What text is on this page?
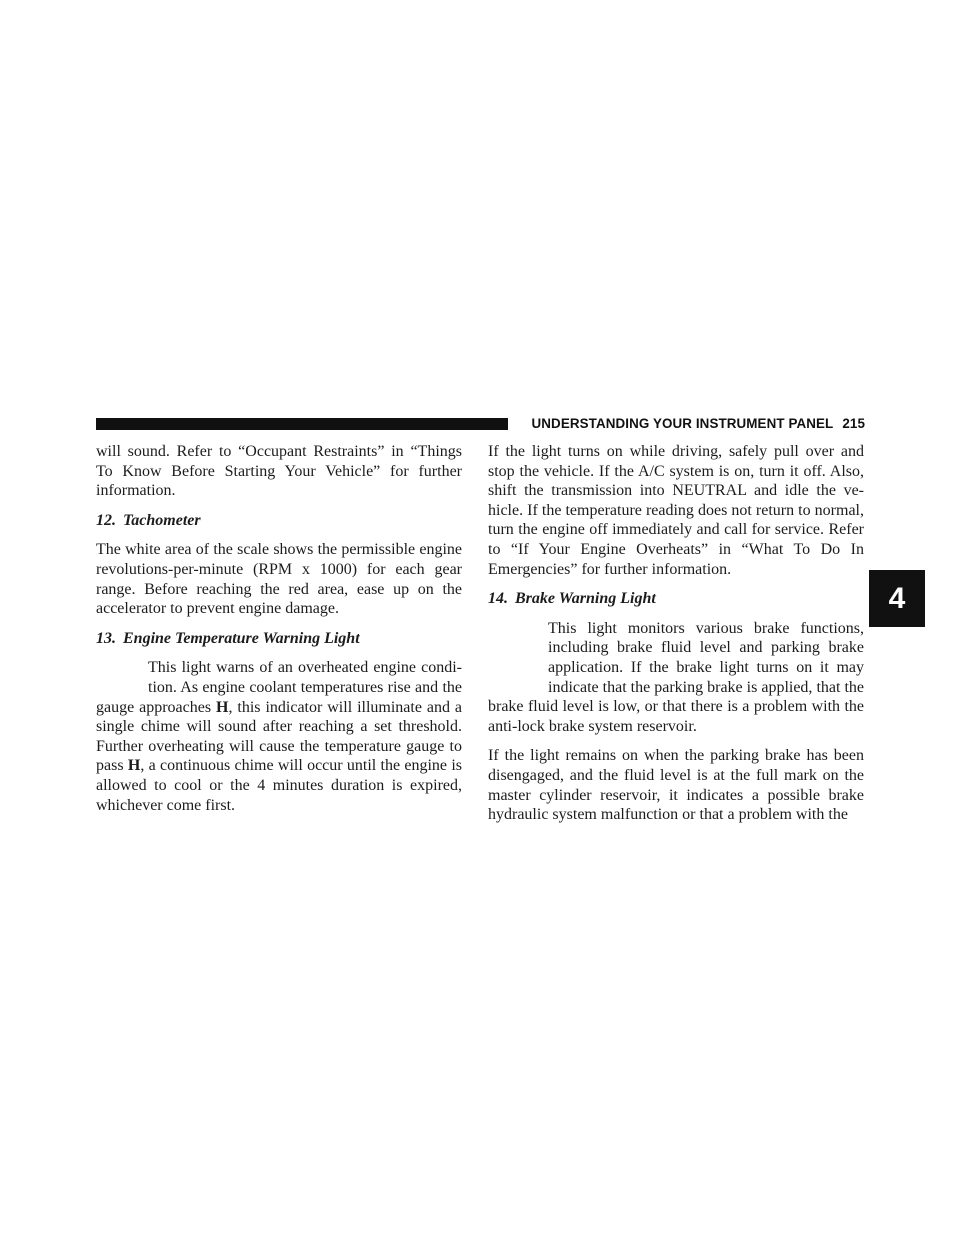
UNDERSTANDING YOUR INSTRUMENT PANEL 215
4

will sound. Refer to “Occupant Restraints” in “Things To Know Before Starting Your Vehicle” for further information.

12. Tachometer

The white area of the scale shows the permissible engine revolutions-per-minute (RPM x 1000) for each gear range. Before reaching the red area, ease up on the accelerator to prevent engine damage.

13. Engine Temperature Warning Light

This light warns of an overheated engine condition. As engine coolant temperatures rise and the gauge approaches H, this indicator will illuminate and a single chime will sound after reaching a set threshold. Further overheating will cause the temperature gauge to pass H, a continuous chime will occur until the engine is allowed to cool or the 4 minutes duration is expired, whichever come first.

If the light turns on while driving, safely pull over and stop the vehicle. If the A/C system is on, turn it off. Also, shift the transmission into NEUTRAL and idle the vehicle. If the temperature reading does not return to normal, turn the engine off immediately and call for service. Refer to “If Your Engine Overheats” in “What To Do In Emergencies” for further information.

14. Brake Warning Light

This light monitors various brake functions, including brake fluid level and parking brake application. If the brake light turns on it may indicate that the parking brake is applied, that the brake fluid level is low, or that there is a problem with the anti-lock brake system reservoir.

If the light remains on when the parking brake has been disengaged, and the fluid level is at the full mark on the master cylinder reservoir, it indicates a possible brake hydraulic system malfunction or that a problem with the
